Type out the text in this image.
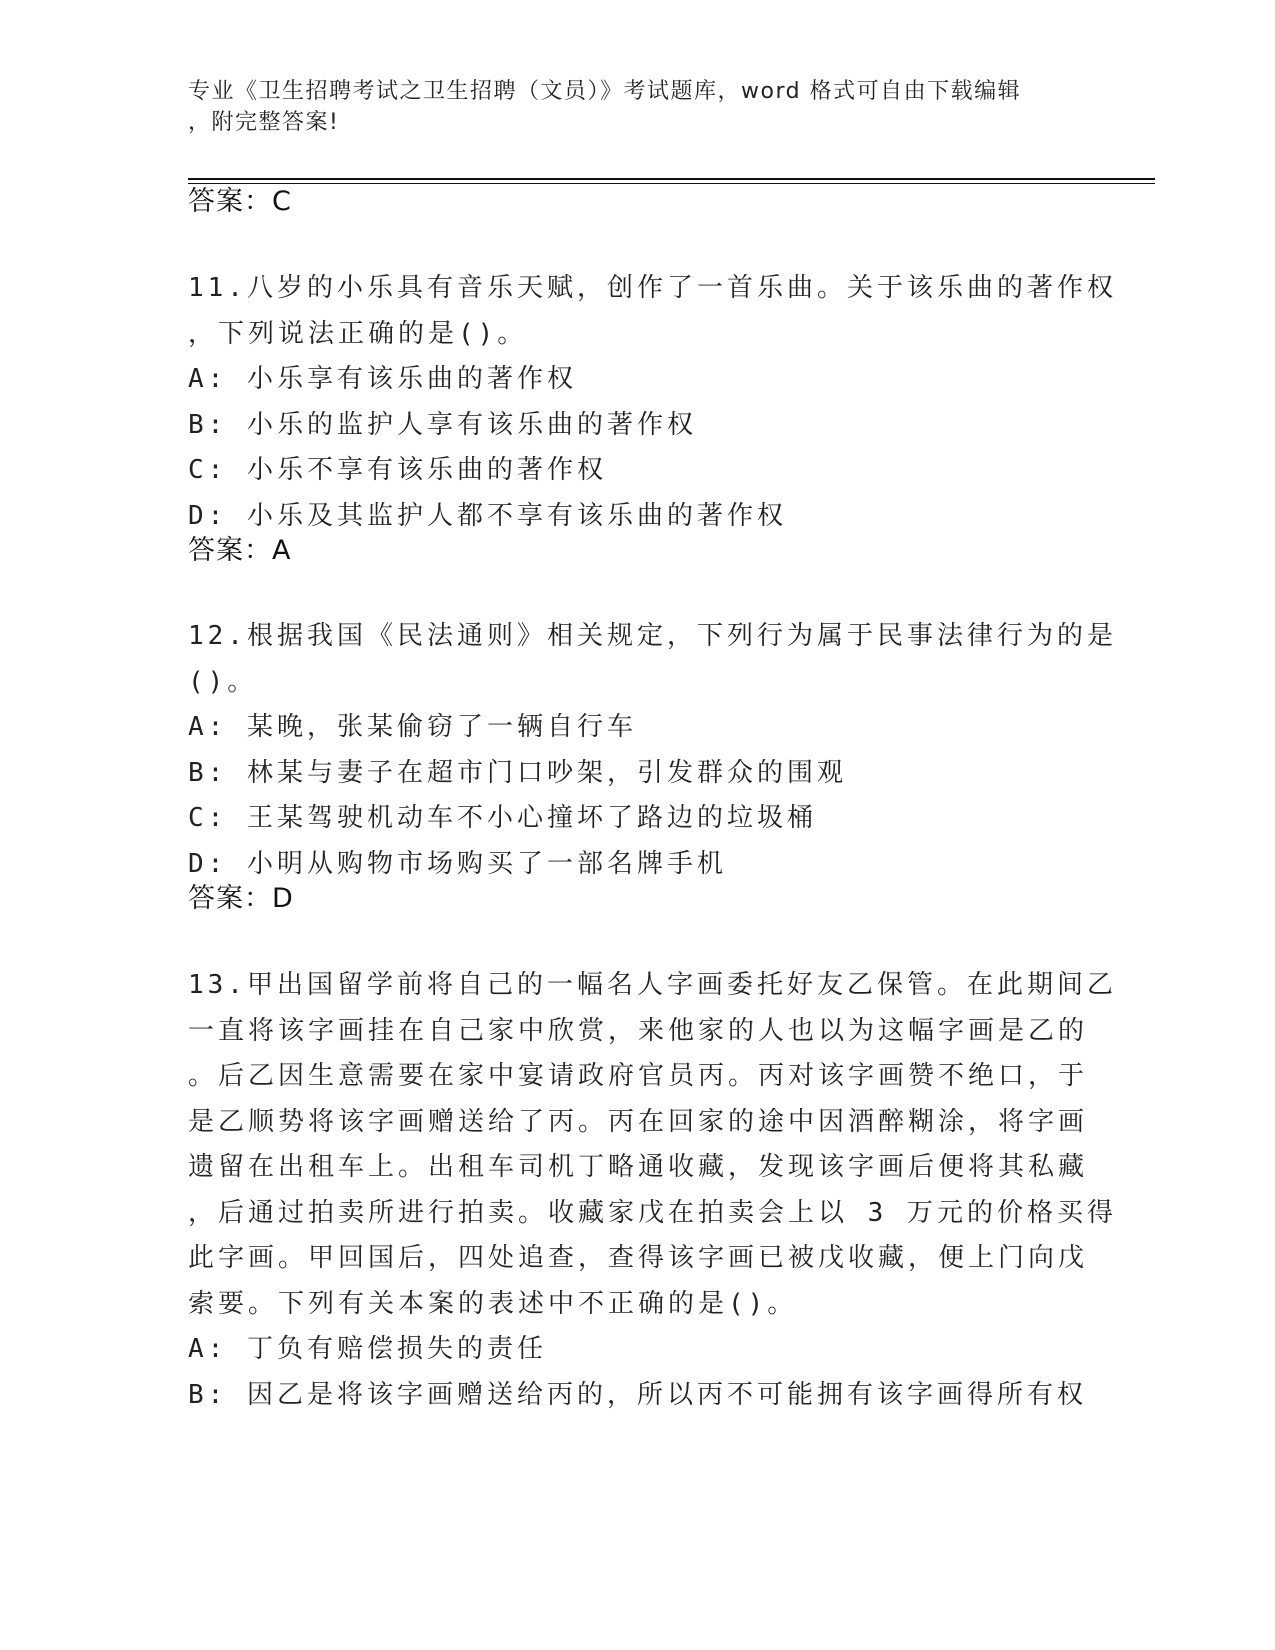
专业《卫生招聘考试之卫生招聘（文员）》考试题库，word 格式可自由下载编辑
，附完整答案!
答案：C
11.八岁的小乐具有音乐天赋，创作了一首乐曲。关于该乐曲的著作权
，下列说法正确的是()。
A: 小乐享有该乐曲的著作权
B: 小乐的监护人享有该乐曲的著作权
C: 小乐不享有该乐曲的著作权
D: 小乐及其监护人都不享有该乐曲的著作权
答案：A
12.根据我国《民法通则》相关规定，下列行为属于民事法律行为的是
()。
A: 某晚，张某偷窃了一辆自行车
B: 林某与妻子在超市门口吵架，引发群众的围观
C: 王某驾驶机动车不小心撞坏了路边的垃圾桶
D: 小明从购物市场购买了一部名牌手机
答案：D
13.甲出国留学前将自己的一幅名人字画委托好友乙保管。在此期间乙
一直将该字画挂在自己家中欣赏，来他家的人也以为这幅字画是乙的
。后乙因生意需要在家中宴请政府官员丙。丙对该字画赞不绝口，于
是乙顺势将该字画赠送给了丙。丙在回家的途中因酒醉糊涂，将字画
遗留在出租车上。出租车司机丁略通收藏，发现该字画后便将其私藏
，后通过拍卖所进行拍卖。收藏家戊在拍卖会上以 3 万元的价格买得
此字画。甲回国后，四处追查，查得该字画已被戊收藏，便上门向戊
索要。下列有关本案的表述中不正确的是()。
A: 丁负有赔偿损失的责任
B: 因乙是将该字画赠送给丙的，所以丙不可能拥有该字画得所有权
